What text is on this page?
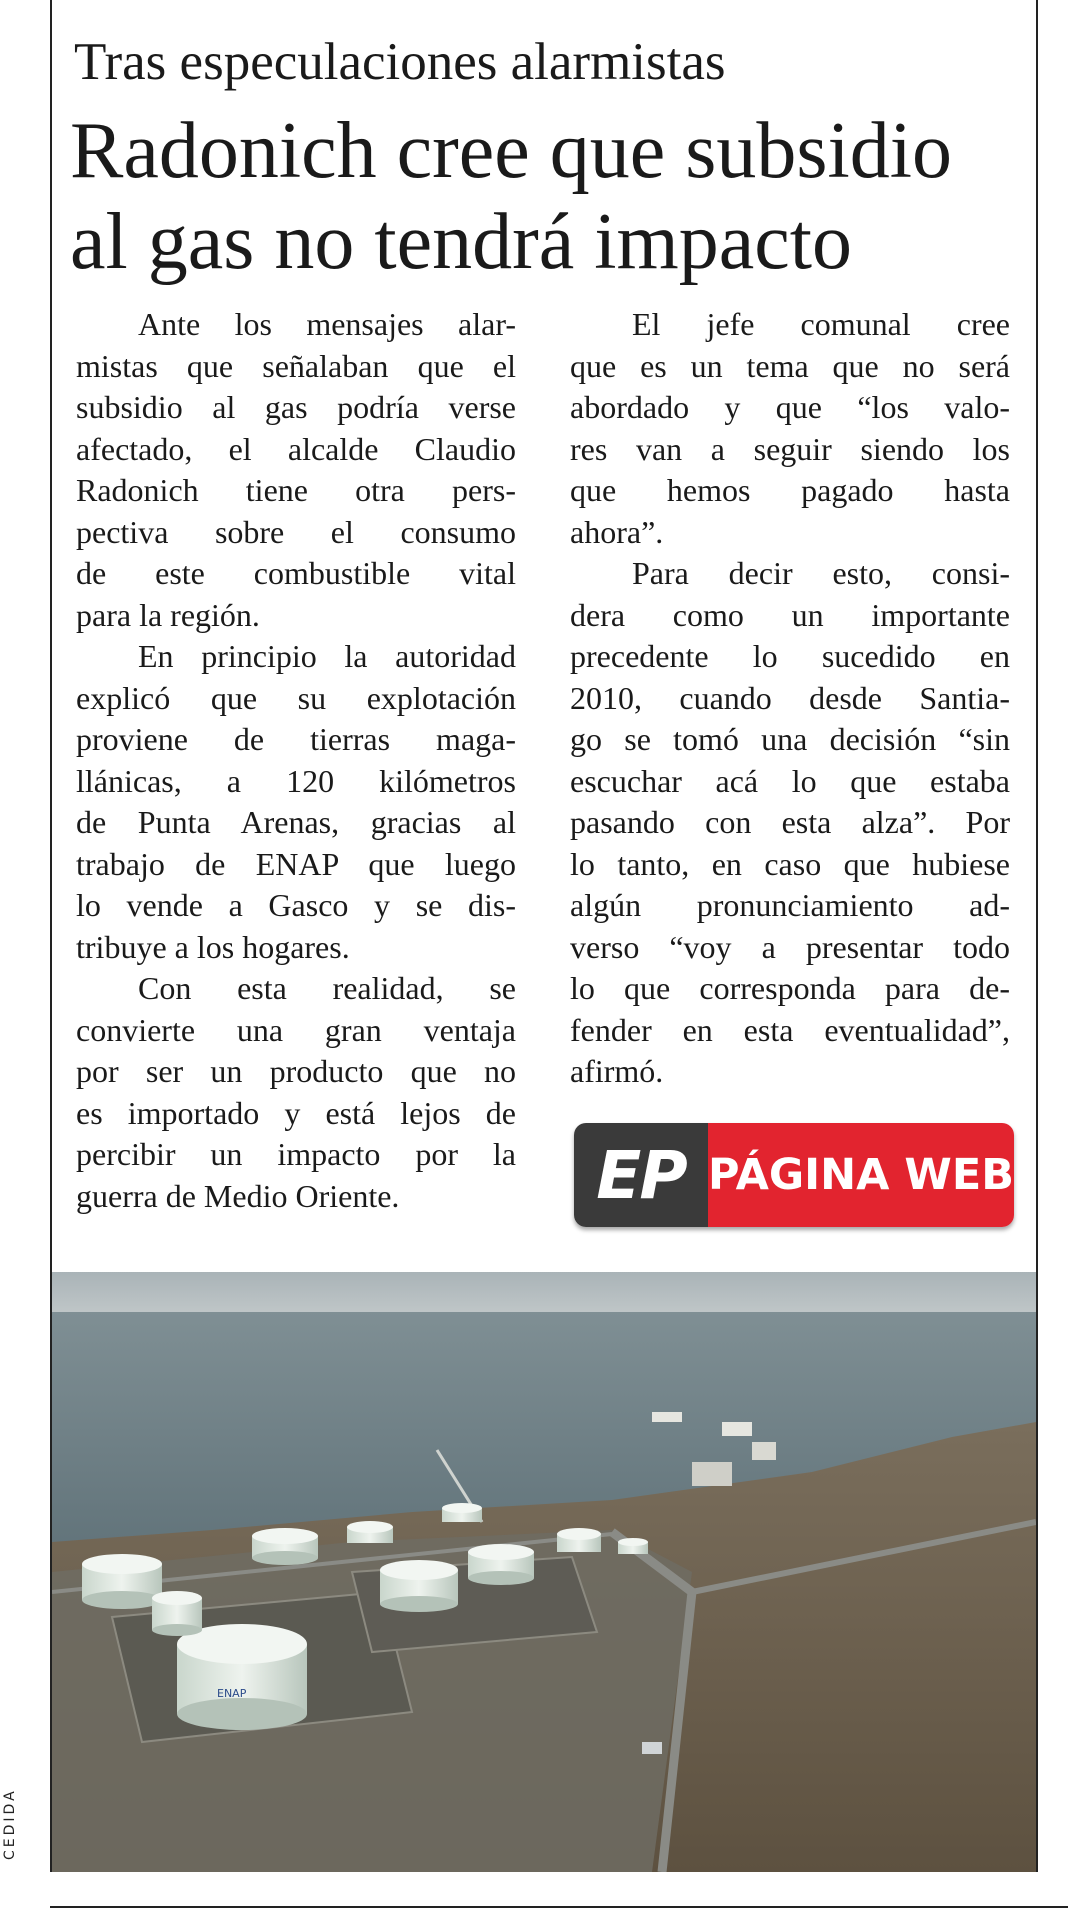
Tras especulaciones alarmistas
Radonich cree que subsidio
al gas no tendrá impacto
Ante los mensajes alar-
mistas que señalaban que el
subsidio al gas podría verse
afectado, el alcalde Claudio
Radonich tiene otra pers-
pectiva sobre el consumo
de este combustible vital
para la región.
En principio la autoridad
explicó que su explotación
proviene de tierras maga-
llánicas, a 120 kilómetros
de Punta Arenas, gracias al
trabajo de ENAP que luego
lo vende a Gasco y se dis-
tribuye a los hogares.
Con esta realidad, se
convierte una gran ventaja
por ser un producto que no
es importado y está lejos de
percibir un impacto por la
guerra de Medio Oriente.
El jefe comunal cree
que es un tema que no será
abordado y que “los valo-
res van a seguir siendo los
que hemos pagado hasta
ahora”.
Para decir esto, consi-
dera como un importante
precedente lo sucedido en
2010, cuando desde Santia-
go se tomó una decisión “sin
escuchar acá lo que estaba
pasando con esta alza”. Por
lo tanto, en caso que hubiese
algún pronunciamiento ad-
verso “voy a presentar todo
lo que corresponda para de-
fender en esta eventualidad”,
afirmó.
EP PÁGINA WEB
ENAP
CEDIDA
